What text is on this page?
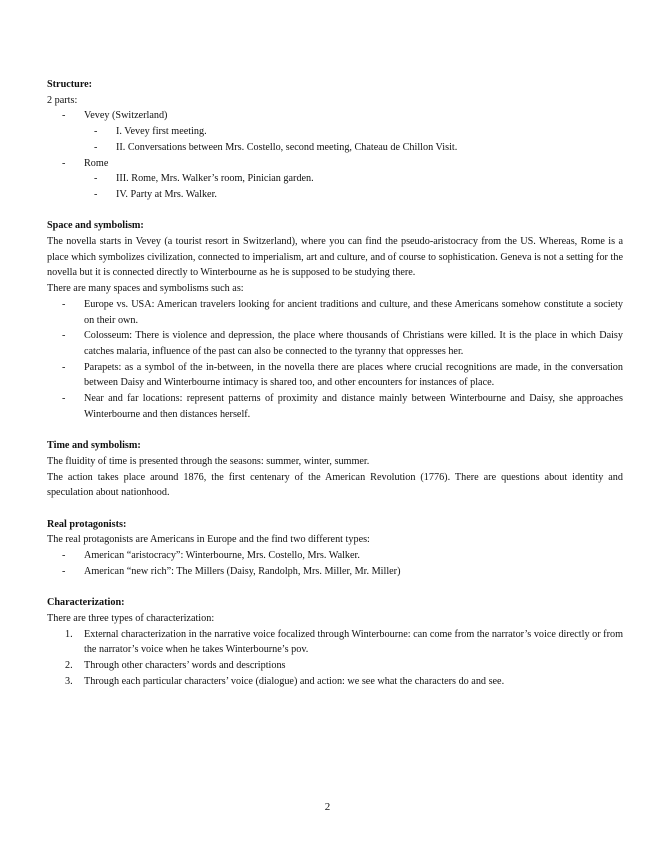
Structure:
2 parts:
- Vevey (Switzerland)
- I. Vevey first meeting.
- II. Conversations between Mrs. Costello, second meeting, Chateau de Chillon Visit.
- Rome
- III. Rome, Mrs. Walker’s room, Pinician garden.
- IV. Party at Mrs. Walker.
Space and symbolism:
The novella starts in Vevey (a tourist resort in Switzerland), where you can find the pseudo-aristocracy from the US. Whereas, Rome is a place which symbolizes civilization, connected to imperialism, art and culture, and of course to sophistication. Geneva is not a setting for the novella but it is connected directly to Winterbourne as he is supposed to be studying there.
There are many spaces and symbolisms such as:
- Europe vs. USA: American travelers looking for ancient traditions and culture, and these Americans somehow constitute a society on their own.
- Colosseum: There is violence and depression, the place where thousands of Christians were killed. It is the place in which Daisy catches malaria, influence of the past can also be connected to the tyranny that oppresses her.
- Parapets: as a symbol of the in-between, in the novella there are places where crucial recognitions are made, in the conversation between Daisy and Winterbourne intimacy is shared too, and other encounters for instances of place.
- Near and far locations: represent patterns of proximity and distance mainly between Winterbourne and Daisy, she approaches Winterbourne and then distances herself.
Time and symbolism:
The fluidity of time is presented through the seasons: summer, winter, summer.
The action takes place around 1876, the first centenary of the American Revolution (1776). There are questions about identity and speculation about nationhood.
Real protagonists:
The real protagonists are Americans in Europe and the find two different types:
- American “aristocracy”: Winterbourne, Mrs. Costello, Mrs. Walker.
- American “new rich”: The Millers (Daisy, Randolph, Mrs. Miller, Mr. Miller)
Characterization:
There are three types of characterization:
1. External characterization in the narrative voice focalized through Winterbourne: can come from the narrator’s voice directly or from the narrator’s voice when he takes Winterbourne’s pov.
2. Through other characters’ words and descriptions
3. Through each particular characters’ voice (dialogue) and action: we see what the characters do and see.
2
